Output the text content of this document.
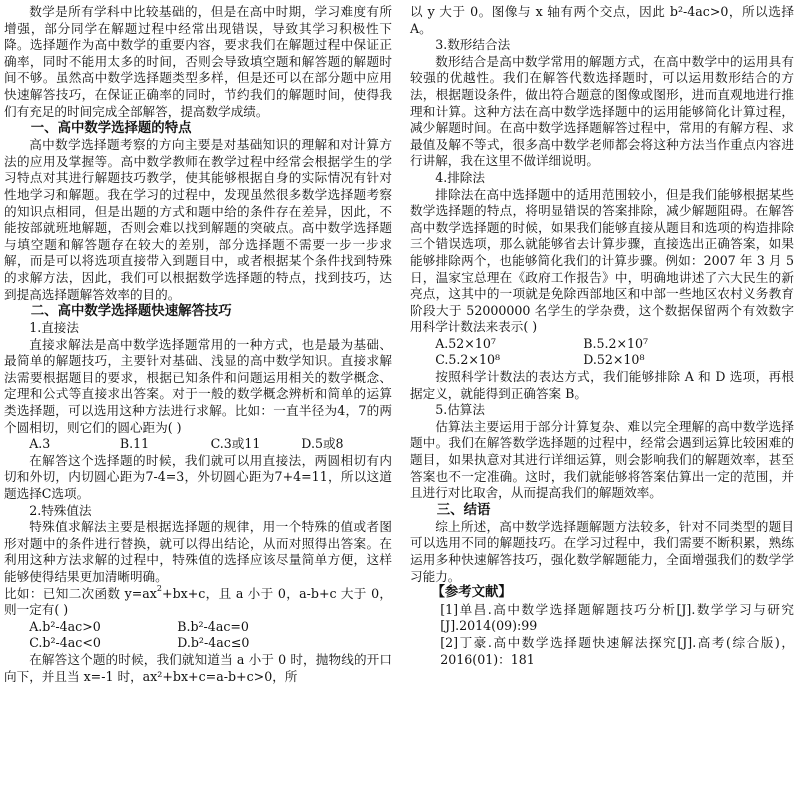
数学是所有学科中比较基础的，但是在高中时期，学习难度有所增强，部分同学在解题过程中经常出现错误，导致其学习积极性下降。选择题作为高中数学的重要内容，要求我们在解题过程中保证正确率，同时不能用太多的时间，否则会导致填空题和解答题的解题时间不够。虽然高中数学选择题类型多样，但是还可以在部分题中应用快速解答技巧，在保证正确率的同时，节约我们的解题时间，使得我们有充足的时间完成全部解答，提高数学成绩。

一、高中数学选择题的特点

高中数学选择题考察的方向主要是对基础知识的理解和对计算方法的应用及掌握等。高中数学教师在教学过程中经常会根据学生的学习特点对其进行解题技巧教学，使其能够根据自身的实际情况有针对性地学习和解题。我在学习的过程中，发现虽然很多数学选择题考察的知识点相同，但是出题的方式和题中给的条件存在差异，因此，不能按部就班地解题，否则会难以找到解题的突破点。高中数学选择题与填空题和解答题存在较大的差别，部分选择题不需要一步一步求解，而是可以将选项直接带入到题目中，或者根据某个条件找到特殊的求解方法，因此，我们可以根据数学选择题的特点，找到技巧，达到提高选择题解答效率的目的。

二、高中数学选择题快速解答技巧

1.直接法

直接求解法是高中数学选择题常用的一种方式，也是最为基础、最简单的解题技巧，主要针对基础、浅显的高中数学知识。直接求解法需要根据题目的要求，根据已知条件和问题运用相关的数学概念、定理和公式等直接求出答案。对于一般的数学概念辨析和简单的运算类选择题，可以选用这种方法进行求解。比如：一直半径为4，7的两个圆相切，则它们的圆心距为( )

A.3	B.11	C.3或11	D.5或8

在解答这个选择题的时候，我们就可以用直接法，两圆相切有内切和外切，内切圆心距为7-4=3，外切圆心距为7+4=11，所以这道题选择C选项。

2.特殊值法

特殊值求解法主要是根据选择题的规律，用一个特殊的值或者图形对题中的条件进行替换，就可以得出结论，从而对照得出答案。在利用这种方法求解的过程中，特殊值的选择应该尽量简单方便，这样能够使得结果更加清晰明确。

比如：已知二次函数 $y=ax^2+bx+c$，且 a 小于 0，a-b+c 大于 0，则一定有( )

A.b²-4ac>0	B.b²-4ac=0
C.b²-4ac<0	D.b²-4ac≤0

在解答这个题的时候，我们就知道当 a 小于 0 时，抛物线的开口向下，并且当 x=-1 时，ax²+bx+c=a-b+c>0，所

以 y 大于 0。图像与 x 轴有两个交点，因此 b²-4ac>0，所以选择 A。

3.数形结合法

数形结合是高中数学常用的解题方式，在高中数学中的运用具有较强的优越性。我们在解答代数选择题时，可以运用数形结合的方法，根据题设条件，做出符合题意的图像或图形，进而直观地进行推理和计算。这种方法在高中数学选择题中的运用能够简化计算过程，减少解题时间。在高中数学选择题解答过程中，常用的有解方程、求最值及解不等式，很多高中数学老师都会将这种方法当作重点内容进行讲解，我在这里不做详细说明。

4.排除法

排除法在高中选择题中的适用范围较小，但是我们能够根据某些数学选择题的特点，将明显错误的答案排除，减少解题阻碍。在解答高中数学选择题的时候，如果我们能够直接从题目和选项的构造排除三个错误选项，那么就能够省去计算步骤，直接选出正确答案，如果能够排除两个，也能够简化我们的计算步骤。例如：2007 年 3 月 5 日，温家宝总理在《政府工作报告》中，明确地讲述了六大民生的新亮点，这其中的一项就是免除西部地区和中部一些地区农村义务教育阶段大于 52000000 名学生的学杂费，这个数据保留两个有效数字用科学计数法来表示( )

A.52×10⁷	B.5.2×10⁷
C.5.2×10⁸	D.52×10⁸

按照科学计数法的表达方式，我们能够排除 A 和 D 选项，再根据定义，就能得到正确答案 B。

5.估算法

估算法主要运用于部分计算复杂、难以完全理解的高中数学选择题中。我们在解答数学选择题的过程中，经常会遇到运算比较困难的题目，如果执意对其进行详细运算，则会影响我们的解题效率，甚至答案也不一定准确。这时，我们就能够将答案估算出一定的范围，并且进行对比取舍，从而提高我们的解题效率。

三、结语

综上所述，高中数学选择题解题方法较多，针对不同类型的题目可以选用不同的解题技巧。在学习过程中，我们需要不断积累，熟练运用多种快速解答技巧，强化数学解题能力，全面增强我们的数学学习能力。

【参考文献】

[1]单昌.高中数学选择题解题技巧分析[J].数学学习与研究[J].2014(09):99

[2]丁豪.高中数学选择题快速解法探究[J].高考(综合版)，2016(01)：181
